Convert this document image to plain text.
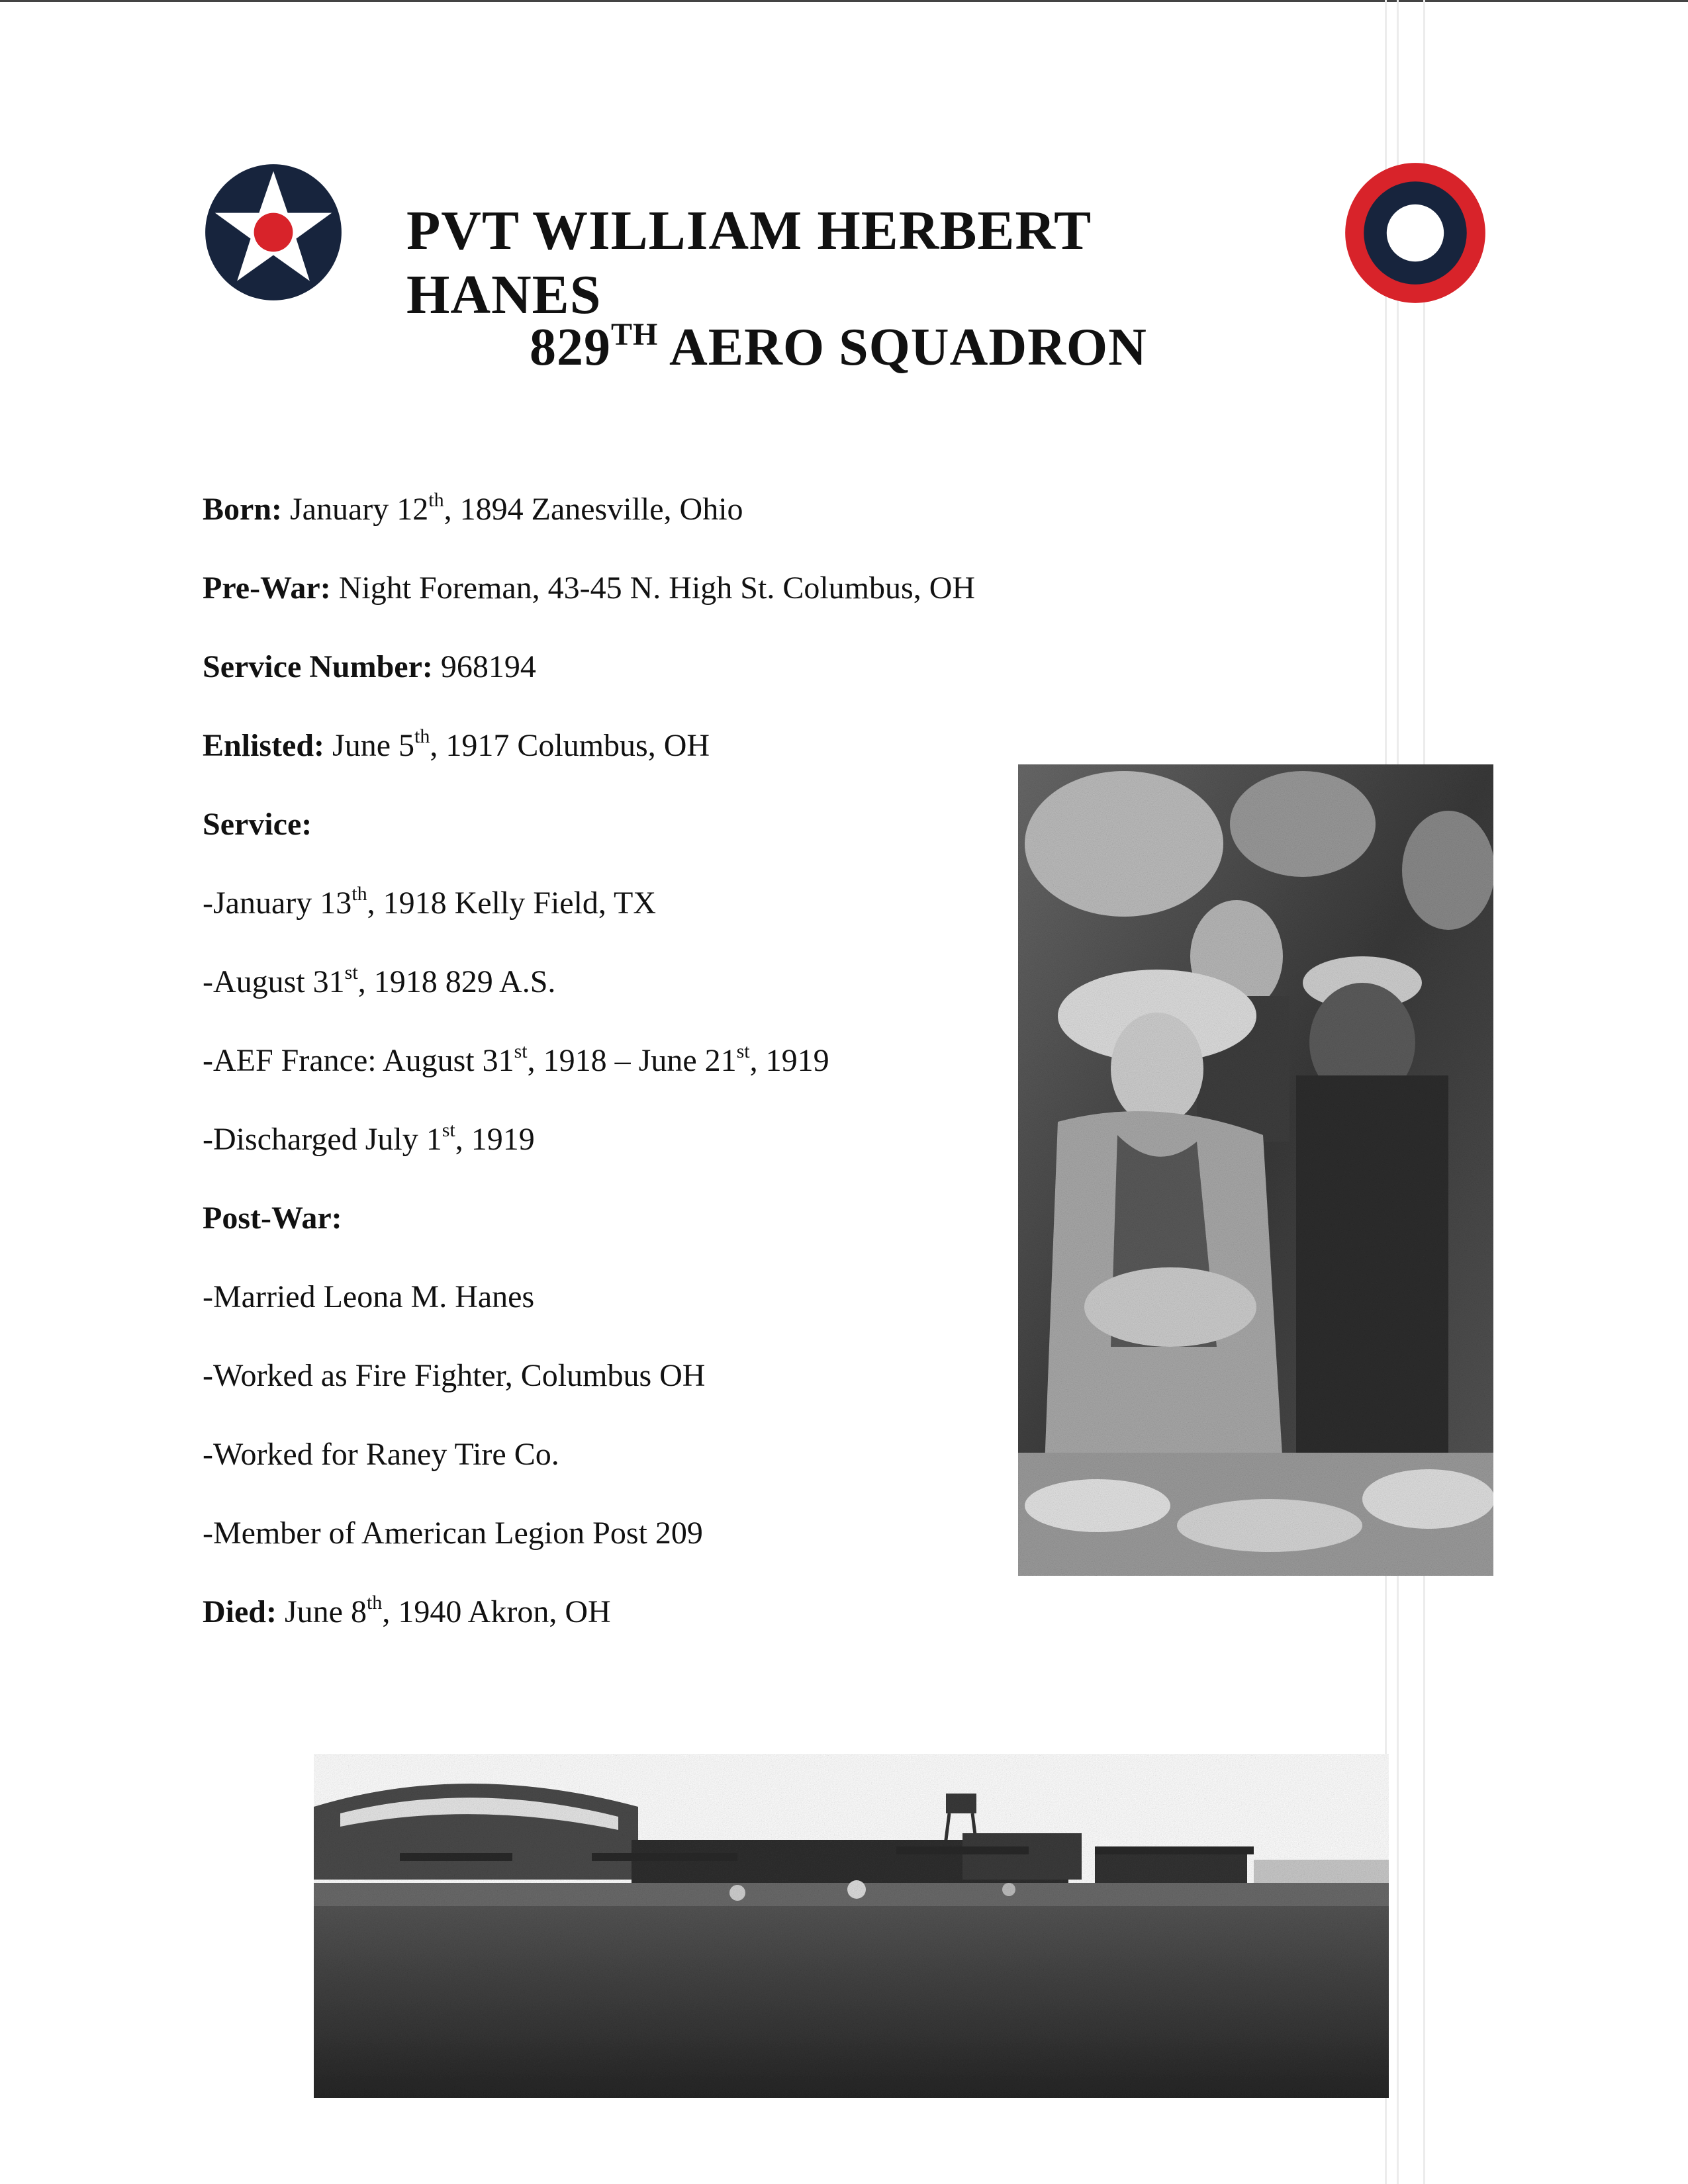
PVT WILLIAM HERBERT HANES
829TH AERO SQUADRON
Born: January 12th, 1894 Zanesville, Ohio
Pre-War: Night Foreman, 43-45 N. High St. Columbus, OH
Service Number: 968194
Enlisted: June 5th, 1917 Columbus, OH
Service:
-January 13th, 1918 Kelly Field, TX
-August 31st, 1918 829 A.S.
-AEF France: August 31st, 1918 – June 21st, 1919
-Discharged July 1st, 1919
Post-War:
-Married Leona M. Hanes
-Worked as Fire Fighter, Columbus OH
-Worked for Raney Tire Co.
-Member of American Legion Post 209
Died: June 8th, 1940 Akron, OH
